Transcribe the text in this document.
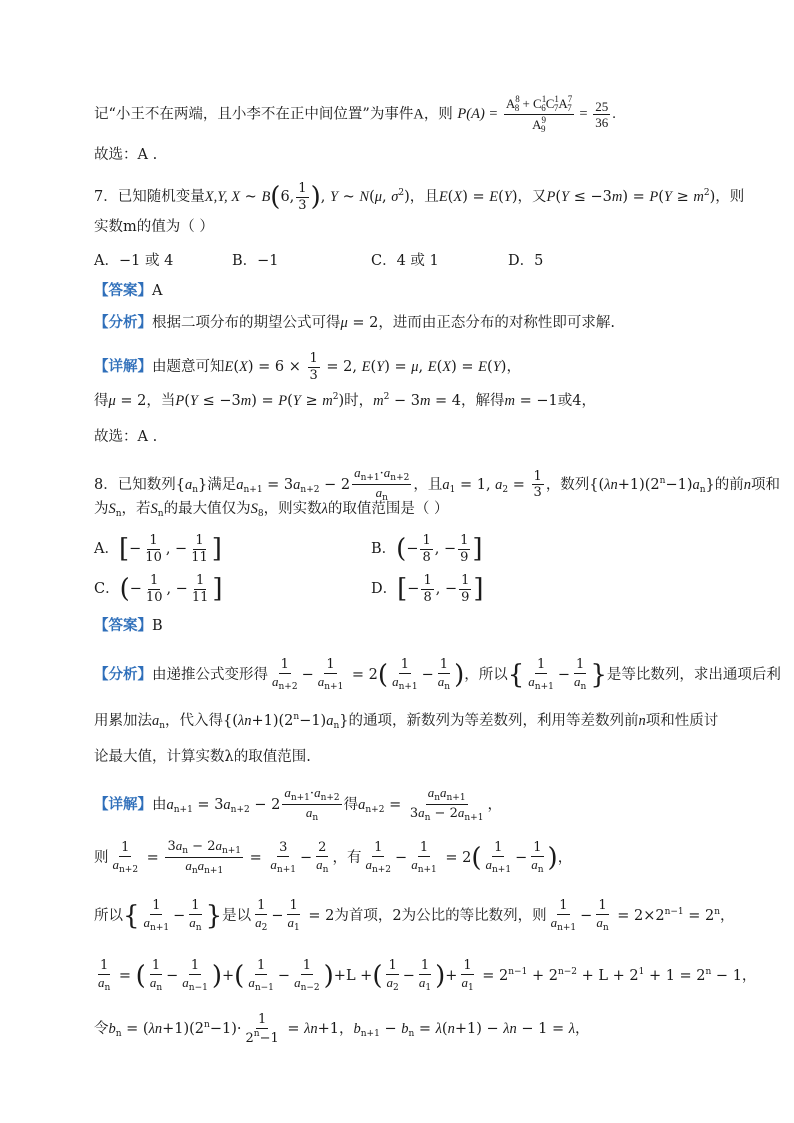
记“小王不在两端，且小李不在正中间位置”为事件A，则 $P(A) = \frac{A^8_8 + C^1_6C^1_7A^7_7}{A^9_9} = \frac{25}{36}$ .
故选：A .
7．已知随机变量X,Y, X ~ B(6, $\frac{1}{3}$ ), Y ~ N(μ, $\sigma^2$)，且E(X) = E(Y)，又$P(Y \le -3m) = P(Y \ge m^2)$，则
实数m的值为（ ）
A．−1 或 4	B．−1	C．4 或 1	D．5
【答案】A
【分析】根据二项分布的期望公式可得μ = 2，进而由正态分布的对称性即可求解.
【详解】由题意可知$E(X) = 6 \times \frac{1}{3} = 2$, E(Y) = μ, E(X) = E(Y)，
得μ = 2，当$P(Y \le -3m) = P(Y \ge m^2)$时，$m^2 - 3m = 4$，解得m = −1或4，
故选：A .
8．已知数列$\{a_n\}$满足$a_{n+1} = 3a_{n+2} - 2 \frac{a_{n+1}\cdot a_{n+2}}{a_n}$ ，且$a_1 = 1$, $a_2 = \frac{1}{3}$ ，数列$\{(\lambda n+1)(2^n-1)a_n\}$的前n项和
为$S_n$，若$S_n$的最大值仅为$S_8$，则实数λ的取值范围是（ ）
A．[− $\frac{1}{10}$ , − $\frac{1}{11}$ ]	B．(− $\frac{1}{8}$ , − $\frac{1}{9}$ ]
C．(− $\frac{1}{10}$ , − $\frac{1}{11}$ ]	D．[− $\frac{1}{8}$ , − $\frac{1}{9}$ ]
【答案】B
【分析】由递推公式变形得 $\frac{1}{a_{n+2}} - \frac{1}{a_{n+1}} = 2( \frac{1}{a_{n+1}} - \frac{1}{a_n}$ )，所以{ $\frac{1}{a_{n+1}} - \frac{1}{a_n}$ }是等比数列，求出通项后利
用累加法$a_n$，代入得$\{(\lambda n+1)(2^n-1)a_n\}$的通项，新数列为等差数列，利用等差数列前n项和性质讨
论最大值，计算实数λ的取值范围.
【详解】由$a_{n+1} = 3a_{n+2} - 2 \frac{a_{n+1}\cdot a_{n+2}}{a_n}$ 得$a_{n+2} = \frac{a_na_{n+1}}{3a_n - 2a_{n+1}}$ ，
则 $\frac{1}{a_{n+2}} = \frac{3a_n - 2a_{n+1}}{a_na_{n+1}} = \frac{3}{a_{n+1}} - \frac{2}{a_n}$ ，有 $\frac{1}{a_{n+2}} - \frac{1}{a_{n+1}} = 2( \frac{1}{a_{n+1}} - \frac{1}{a_n}$ )，
所以{ $\frac{1}{a_{n+1}} - \frac{1}{a_n}$ }是以 $\frac{1}{a_2} - \frac{1}{a_1} = 2$为首项，2为公比的等比数列，则 $\frac{1}{a_{n+1}} - \frac{1}{a_n} = 2\times 2^{n-1} = 2^n$，
$\frac{1}{a_n}$ = ( $\frac{1}{a_n} - \frac{1}{a_{n-1}}$ )+( $\frac{1}{a_{n-1}} - \frac{1}{a_{n-2}} )+L$ +( $\frac{1}{a_2} - \frac{1}{a_1}$ )+ $\frac{1}{a_1} = 2^{n-1} + 2^{n-2} + L + 2^1 + 1 = 2^n - 1$，
令$b_n = (\lambda n+1)(2^n-1)\cdot \frac{1}{2^n-1} = \lambda n+1$，$b_{n+1} - b_n = \lambda(n+1) - \lambda n - 1 = \lambda$，
